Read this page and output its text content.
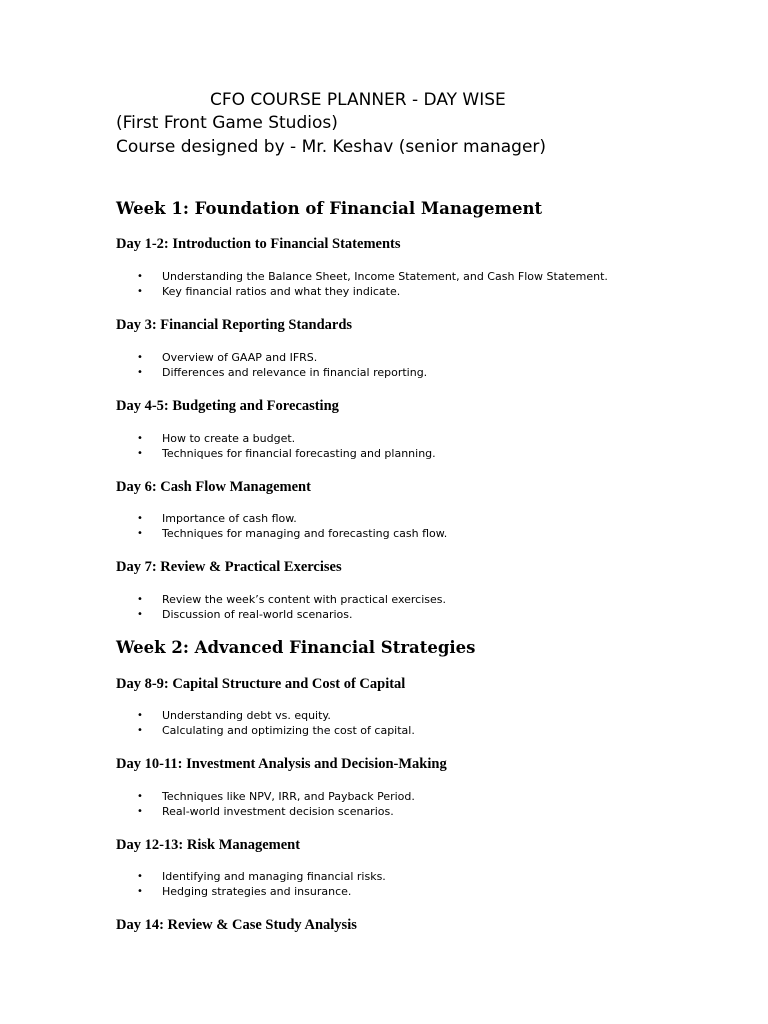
CFO COURSE PLANNER - DAY WISE
(First Front Game Studios)
Course designed by - Mr. Keshav (senior manager)
Week 1: Foundation of Financial Management
Day 1-2: Introduction to Financial Statements
• Understanding the Balance Sheet, Income Statement, and Cash Flow Statement.
• Key financial ratios and what they indicate.
Day 3: Financial Reporting Standards
• Overview of GAAP and IFRS.
• Differences and relevance in financial reporting.
Day 4-5: Budgeting and Forecasting
• How to create a budget.
• Techniques for financial forecasting and planning.
Day 6: Cash Flow Management
• Importance of cash flow.
• Techniques for managing and forecasting cash flow.
Day 7: Review & Practical Exercises
• Review the week’s content with practical exercises.
• Discussion of real-world scenarios.
Week 2: Advanced Financial Strategies
Day 8-9: Capital Structure and Cost of Capital
• Understanding debt vs. equity.
• Calculating and optimizing the cost of capital.
Day 10-11: Investment Analysis and Decision-Making
• Techniques like NPV, IRR, and Payback Period.
• Real-world investment decision scenarios.
Day 12-13: Risk Management
• Identifying and managing financial risks.
• Hedging strategies and insurance.
Day 14: Review & Case Study Analysis
